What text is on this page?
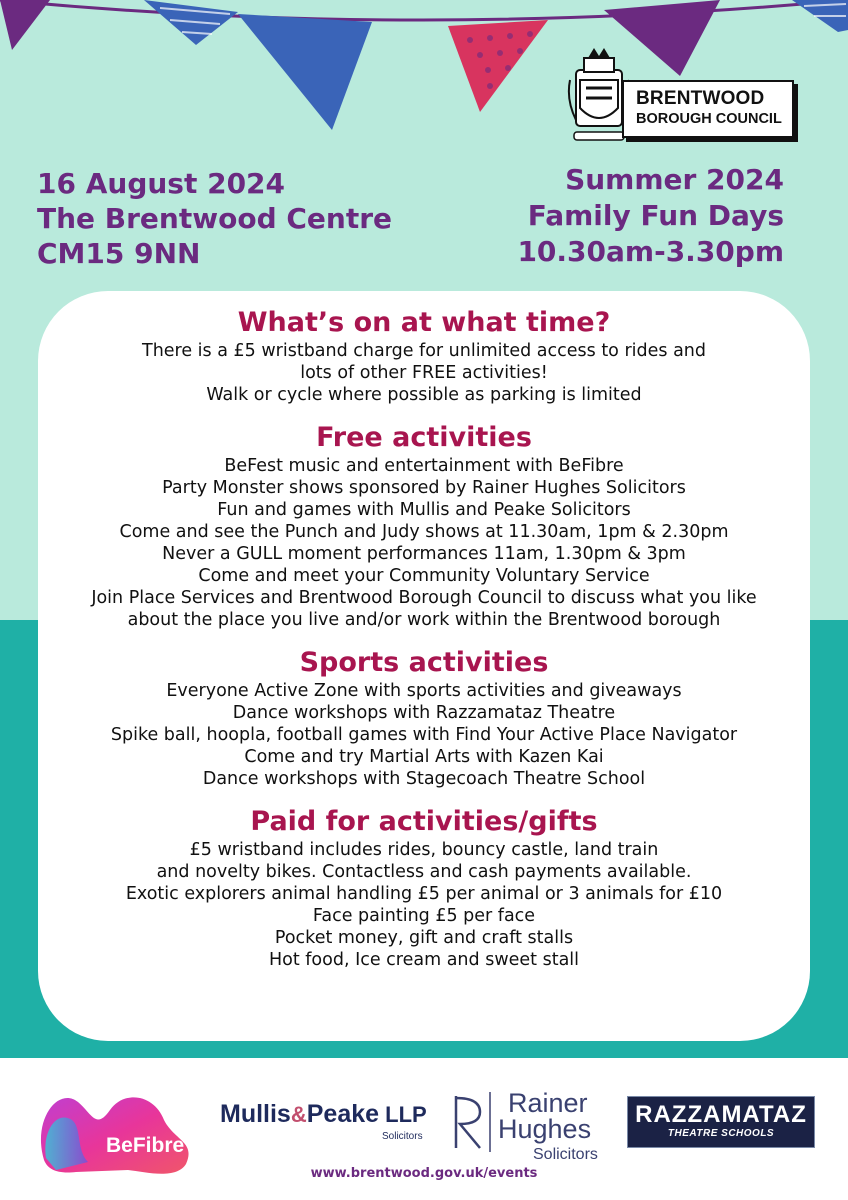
BRENTWOOD
BOROUGH COUNCIL
16 August 2024
The Brentwood Centre
CM15 9NN
Summer 2024
Family Fun Days
10.30am-3.30pm
What’s on at what time?

There is a £5 wristband charge for unlimited access to rides and

lots of other FREE activities!

Walk or cycle where possible as parking is limited

Free activities

BeFest music and entertainment with BeFibre

Party Monster shows sponsored by Rainer Hughes Solicitors

Fun and games with Mullis and Peake Solicitors

Come and see the Punch and Judy shows at 11.30am, 1pm & 2.30pm

Never a GULL moment performances 11am, 1.30pm & 3pm

Come and meet your Community Voluntary Service

Join Place Services and Brentwood Borough Council to discuss what you like

about the place you live and/or work within the Brentwood borough

Sports activities

Everyone Active Zone with sports activities and giveaways

Dance workshops with Razzamataz Theatre

Spike ball, hoopla, football games with Find Your Active Place Navigator

Come and try Martial Arts with Kazen Kai

Dance workshops with Stagecoach Theatre School

Paid for activities/gifts

£5 wristband includes rides, bouncy castle, land train

and novelty bikes. Contactless and cash payments available.

Exotic explorers animal handling £5 per animal or 3 animals for £10

Face painting £5 per face

Pocket money, gift and craft stalls

Hot food, Ice cream and sweet stall

BeFibre
Mullis&Peake LLP
Solicitors
Rainer
Hughes
Solicitors
RAZZAMATAZ
THEATRE SCHOOLS
www.brentwood.gov.uk/events
